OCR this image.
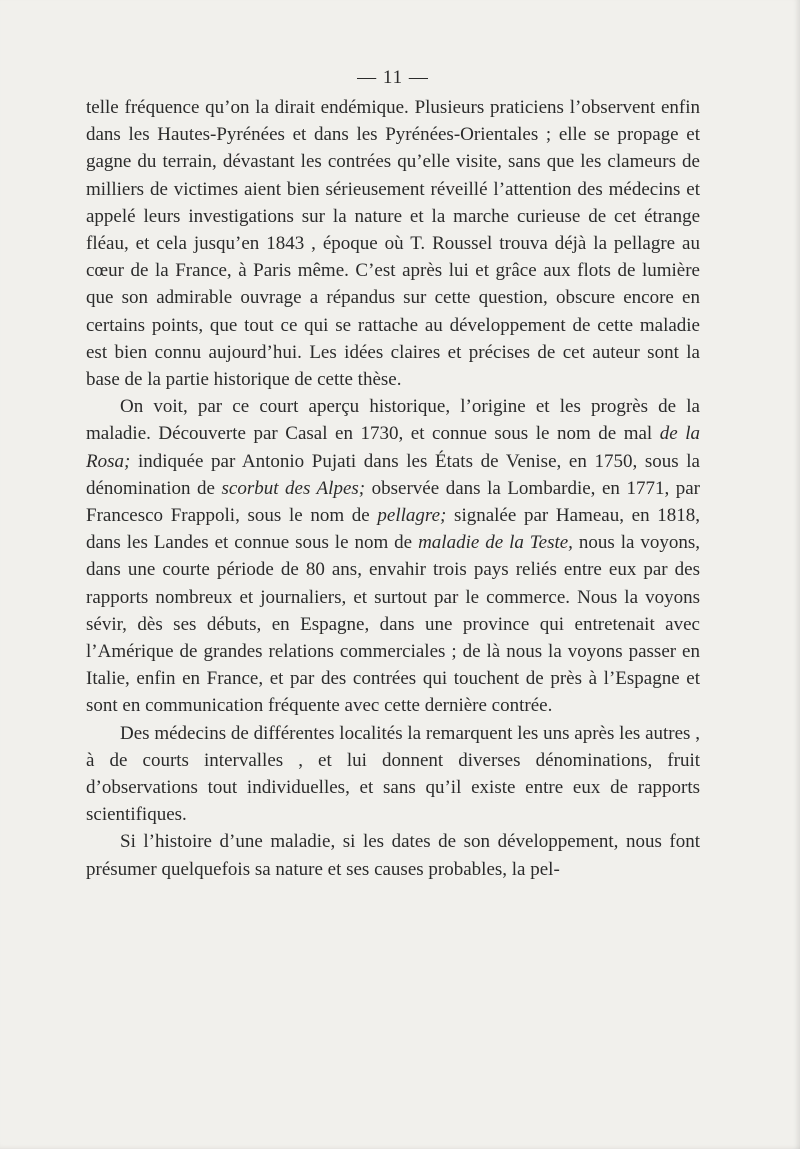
— 11 —

telle fréquence qu’on la dirait endémique. Plusieurs praticiens l’observent enfin dans les Hautes-Pyrénées et dans les Pyrénées-Orientales ; elle se propage et gagne du terrain, dévastant les contrées qu’elle visite, sans que les clameurs de milliers de victimes aient bien sérieusement réveillé l’attention des médecins et appelé leurs investigations sur la nature et la marche curieuse de cet étrange fléau, et cela jusqu’en 1843 , époque où T. Roussel trouva déjà la pellagre au cœur de la France, à Paris même. C’est après lui et grâce aux flots de lumière que son admirable ouvrage a répandus sur cette question, obscure encore en certains points, que tout ce qui se rattache au développement de cette maladie est bien connu aujourd’hui. Les idées claires et précises de cet auteur sont la base de la partie historique de cette thèse.

On voit, par ce court aperçu historique, l’origine et les progrès de la maladie. Découverte par Casal en 1730, et connue sous le nom de mal de la Rosa; indiquée par Antonio Pujati dans les États de Venise, en 1750, sous la dénomination de scorbut des Alpes; observée dans la Lombardie, en 1771, par Francesco Frappoli, sous le nom de pellagre; signalée par Hameau, en 1818, dans les Landes et connue sous le nom de maladie de la Teste, nous la voyons, dans une courte période de 80 ans, envahir trois pays reliés entre eux par des rapports nombreux et journaliers, et surtout par le commerce. Nous la voyons sévir, dès ses débuts, en Espagne, dans une province qui entretenait avec l’Amérique de grandes relations commerciales ; de là nous la voyons passer en Italie, enfin en France, et par des contrées qui touchent de près à l’Espagne et sont en communication fréquente avec cette dernière contrée.

Des médecins de différentes localités la remarquent les uns après les autres , à de courts intervalles , et lui donnent diverses dénominations, fruit d’observations tout individuelles, et sans qu’il existe entre eux de rapports scientifiques.

Si l’histoire d’une maladie, si les dates de son développement, nous font présumer quelquefois sa nature et ses causes probables, la pel-
